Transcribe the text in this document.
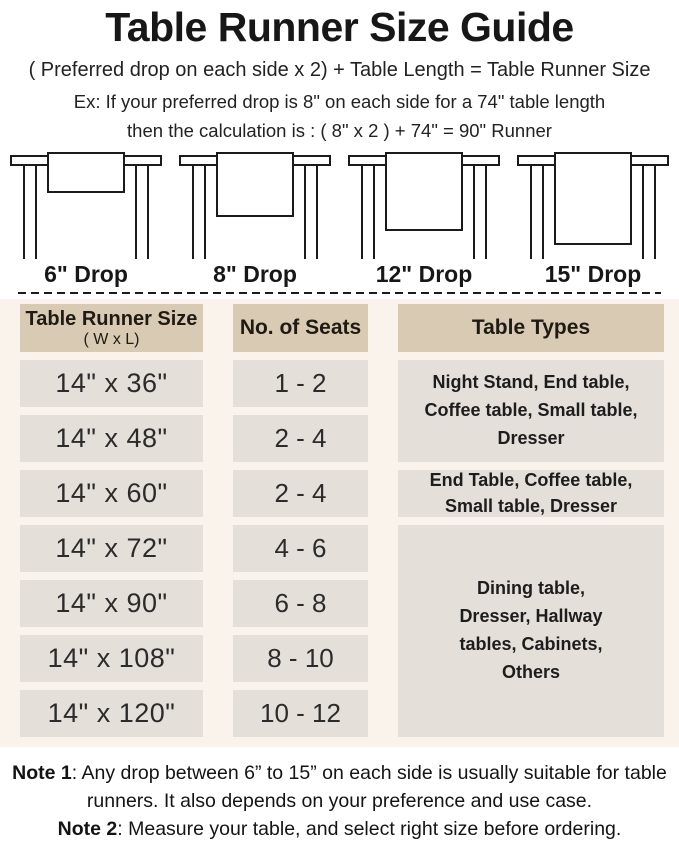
Table Runner Size Guide

( Preferred drop on each side x 2) + Table Length = Table Runner Size

Ex: If your preferred drop is 8" on each side for a 74" table length

then the calculation is : ( 8" x 2 ) + 74" = 90" Runner

6" Drop	8" Drop	12" Drop	15" Drop
Table Runner Size
( W x L)	No. of Seats	Table Types
14" x 36"	1 - 2	Night Stand, End table, Coffee table, Small table, Dresser
14" x 48"	2 - 4
14" x 60"	2 - 4	End Table, Coffee table, Small table, Dresser
14" x 72"	4 - 6
Dining table, Dresser, Hallway tables, Cabinets, Others
14" x 90"	6 - 8
14" x 108"	8 - 10
14" x 120"	10 - 12

Note 1: Any drop between 6” to 15” on each side is usually suitable for table runners. It also depends on your preference and use case.

Note 2: Measure your table, and select right size before ordering.
